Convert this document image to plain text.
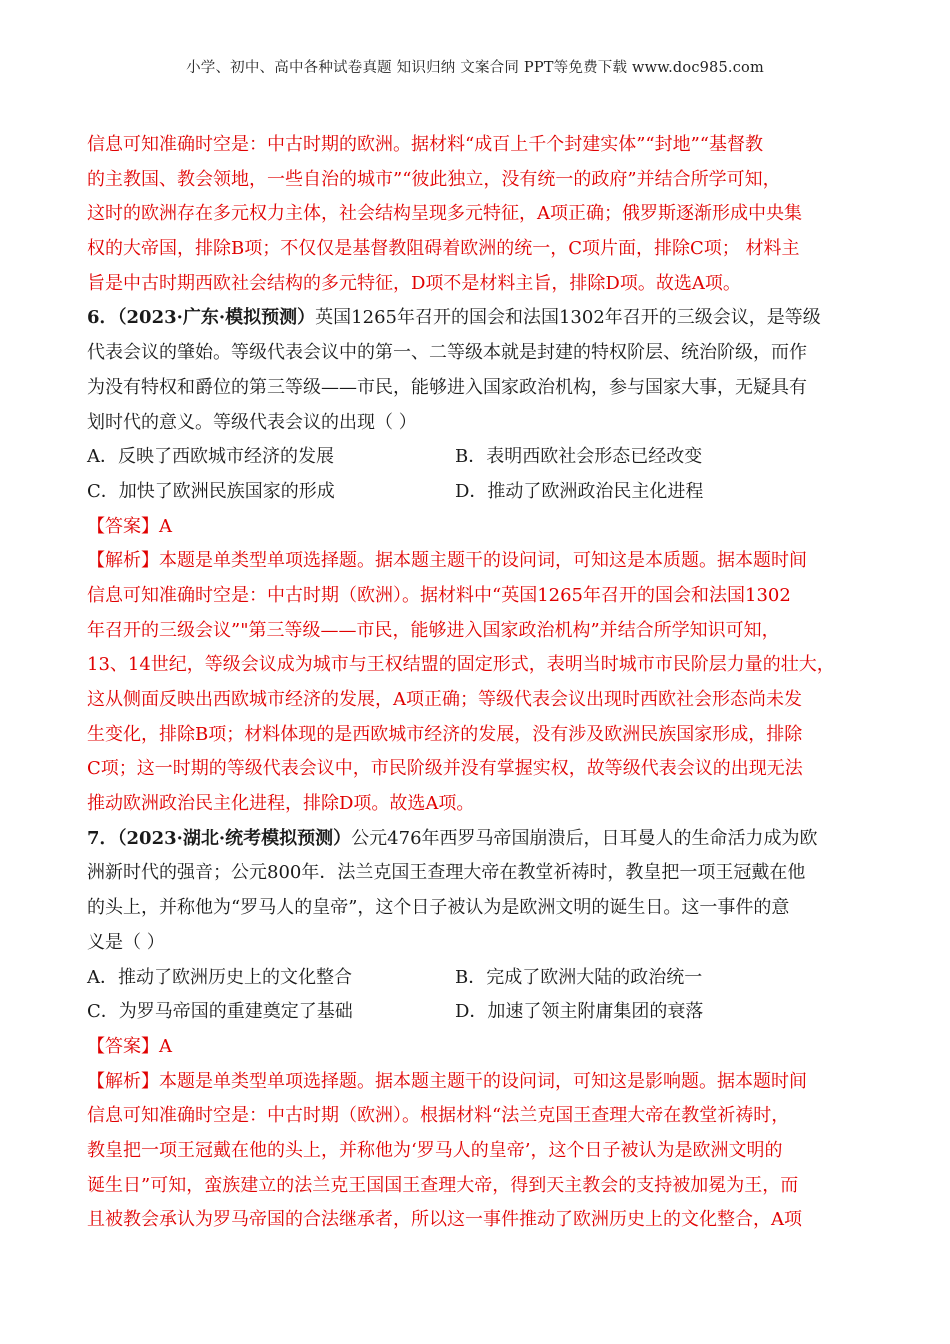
小学、初中、高中各种试卷真题 知识归纳 文案合同 PPT等免费下载 www.doc985.com
信息可知准确时空是：中古时期的欧洲。据材料“成百上千个封建实体”“封地”“基督教
的主教国、教会领地，一些自治的城市”“彼此独立，没有统一的政府”并结合所学可知，
这时的欧洲存在多元权力主体，社会结构呈现多元特征，A项正确；俄罗斯逐渐形成中央集
权的大帝国，排除B项；不仅仅是基督教阻碍着欧洲的统一，C项片面，排除C项； 材料主
旨是中古时期西欧社会结构的多元特征，D项不是材料主旨，排除D项。故选A项。
6．（2023·广东·模拟预测）英国1265年召开的国会和法国1302年召开的三级会议，是等级
代表会议的肇始。等级代表会议中的第一、二等级本就是封建的特权阶层、统治阶级，而作
为没有特权和爵位的第三等级——市民，能够进入国家政治机构，参与国家大事，无疑具有
划时代的意义。等级代表会议的出现（ ）
A．反映了西欧城市经济的发展	B．表明西欧社会形态已经改变
C．加快了欧洲民族国家的形成	D．推动了欧洲政治民主化进程
【答案】A
【解析】本题是单类型单项选择题。据本题主题干的设问词，可知这是本质题。据本题时间
信息可知准确时空是：中古时期（欧洲）。据材料中“英国1265年召开的国会和法国1302
年召开的三级会议”"第三等级——市民，能够进入国家政治机构”并结合所学知识可知，
13、14世纪，等级会议成为城市与王权结盟的固定形式，表明当时城市市民阶层力量的壮大，
这从侧面反映出西欧城市经济的发展，A项正确；等级代表会议出现时西欧社会形态尚未发
生变化，排除B项；材料体现的是西欧城市经济的发展，没有涉及欧洲民族国家形成，排除
C项；这一时期的等级代表会议中，市民阶级并没有掌握实权，故等级代表会议的出现无法
推动欧洲政治民主化进程，排除D项。故选A项。
7．（2023·湖北·统考模拟预测）公元476年西罗马帝国崩溃后，日耳曼人的生命活力成为欧
洲新时代的强音；公元800年．法兰克国王查理大帝在教堂祈祷时，教皇把一项王冠戴在他
的头上，并称他为“罗马人的皇帝”，这个日子被认为是欧洲文明的诞生日。这一事件的意
义是（ ）
A．推动了欧洲历史上的文化整合	B．完成了欧洲大陆的政治统一
C．为罗马帝国的重建奠定了基础	D．加速了领主附庸集团的衰落
【答案】A
【解析】本题是单类型单项选择题。据本题主题干的设问词，可知这是影响题。据本题时间
信息可知准确时空是：中古时期（欧洲）。根据材料“法兰克国王查理大帝在教堂祈祷时，
教皇把一项王冠戴在他的头上，并称他为‘罗马人的皇帝’，这个日子被认为是欧洲文明的
诞生日”可知，蛮族建立的法兰克王国国王查理大帝，得到天主教会的支持被加冕为王，而
且被教会承认为罗马帝国的合法继承者，所以这一事件推动了欧洲历史上的文化整合，A项
